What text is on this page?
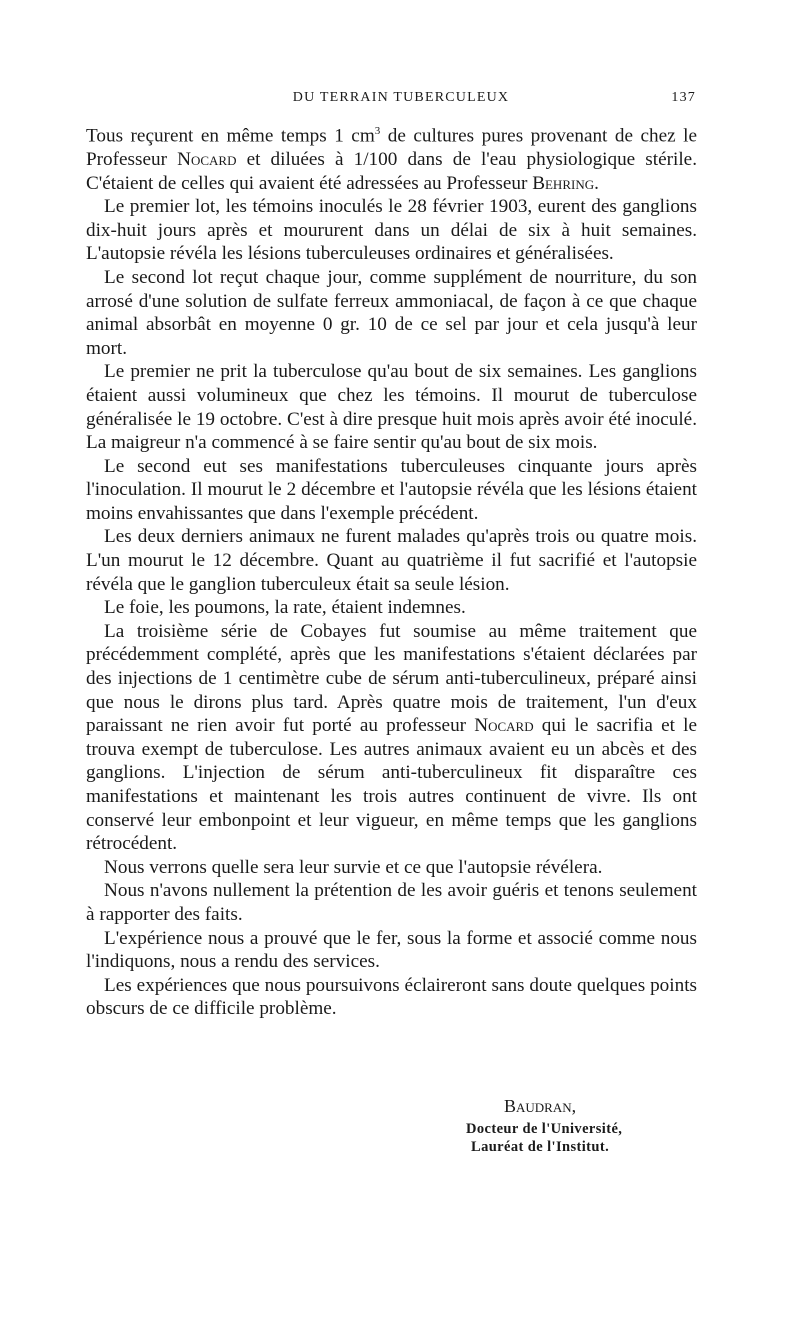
DU TERRAIN TUBERCULEUX	137

Tous reçurent en même temps 1 $cm^3$ de cultures pures provenant de chez le Professeur Nocard et diluées à 1/100 dans de l'eau physiologique stérile. C'étaient de celles qui avaient été adressées au Professeur Behring.

Le premier lot, les témoins inoculés le 28 février 1903, eurent des ganglions dix-huit jours après et moururent dans un délai de six à huit semaines. L'autopsie révéla les lésions tuberculeuses ordinaires et généralisées.

Le second lot reçut chaque jour, comme supplément de nourriture, du son arrosé d'une solution de sulfate ferreux ammoniacal, de façon à ce que chaque animal absorbât en moyenne 0 gr. 10 de ce sel par jour et cela jusqu'à leur mort.

Le premier ne prit la tuberculose qu'au bout de six semaines. Les ganglions étaient aussi volumineux que chez les témoins. Il mourut de tuberculose généralisée le 19 octobre. C'est à dire presque huit mois après avoir été inoculé. La maigreur n'a commencé à se faire sentir qu'au bout de six mois.

Le second eut ses manifestations tuberculeuses cinquante jours après l'inoculation. Il mourut le 2 décembre et l'autopsie révéla que les lésions étaient moins envahissantes que dans l'exemple précédent.

Les deux derniers animaux ne furent malades qu'après trois ou quatre mois. L'un mourut le 12 décembre. Quant au quatrième il fut sacrifié et l'autopsie révéla que le ganglion tuberculeux était sa seule lésion.

Le foie, les poumons, la rate, étaient indemnes.

La troisième série de Cobayes fut soumise au même traitement que précédemment complété, après que les manifestations s'étaient déclarées par des injections de 1 centimètre cube de sérum anti-tuberculineux, préparé ainsi que nous le dirons plus tard. Après quatre mois de traitement, l'un d'eux paraissant ne rien avoir fut porté au professeur Nocard qui le sacrifia et le trouva exempt de tuberculose. Les autres animaux avaient eu un abcès et des ganglions. L'injection de sérum anti-tuberculineux fit disparaître ces manifestations et maintenant les trois autres continuent de vivre. Ils ont conservé leur embonpoint et leur vigueur, en même temps que les ganglions rétrocédent.

Nous verrons quelle sera leur survie et ce que l'autopsie révélera.

Nous n'avons nullement la prétention de les avoir guéris et tenons seulement à rapporter des faits.

L'expérience nous a prouvé que le fer, sous la forme et associé comme nous l'indiquons, nous a rendu des services.

Les expériences que nous poursuivons éclaireront sans doute quelques points obscurs de ce difficile problème.

Baudran,
Docteur de l'Université,
Lauréat de l'Institut.
